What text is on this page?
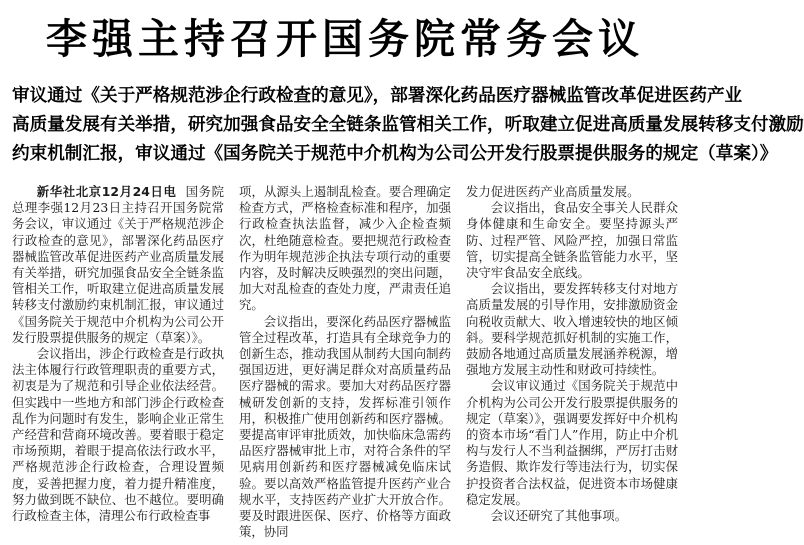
李强主持召开国务院常务会议
审议通过《关于严格规范涉企行政检查的意见》，部署深化药品医疗器械监管改革促进医药产业
高质量发展有关举措，研究加强食品安全全链条监管相关工作，听取建立促进高质量发展转移支付激励
约束机制汇报，审议通过《国务院关于规范中介机构为公司公开发行股票提供服务的规定（草案）》

新华社北京12月24日电 国务院总理李强12月23日主持召开国务院常务会议，审议通过《关于严格规范涉企行政检查的意见》，部署深化药品医疗器械监管改革促进医药产业高质量发展有关举措，研究加强食品安全全链条监管相关工作，听取建立促进高质量发展转移支付激励约束机制汇报，审议通过《国务院关于规范中介机构为公司公开发行股票提供服务的规定（草案）》。

会议指出，涉企行政检查是行政执法主体履行行政管理职责的重要方式，初衷是为了规范和引导企业依法经营。但实践中一些地方和部门涉企行政检查乱作为问题时有发生，影响企业正常生产经营和营商环境改善。要着眼于稳定市场预期，着眼于提高依法行政水平，严格规范涉企行政检查，合理设置频度，妥善把握力度，着力提升精准度，努力做到既不缺位、也不越位。要明确行政检查主体，清理公布行政检查事

项，从源头上遏制乱检查。要合理确定检查方式，严格检查标准和程序，加强行政检查执法监督，减少入企检查频次，杜绝随意检查。要把规范行政检查作为明年规范涉企执法专项行动的重要内容，及时解决反映强烈的突出问题，加大对乱检查的查处力度，严肃责任追究。

会议指出，要深化药品医疗器械监管全过程改革，打造具有全球竞争力的创新生态，推动我国从制药大国向制药强国迈进，更好满足群众对高质量药品医疗器械的需求。要加大对药品医疗器械研发创新的支持，发挥标准引领作用，积极推广使用创新药和医疗器械。要提高审评审批质效，加快临床急需药品医疗器械审批上市，对符合条件的罕见病用创新药和医疗器械减免临床试验。要以高效严格监管提升医药产业合规水平，支持医药产业扩大开放合作。要及时跟进医保、医疗、价格等方面政策，协同

发力促进医药产业高质量发展。

会议指出，食品安全事关人民群众身体健康和生命安全。要坚持源头严防、过程严管、风险严控，加强日常监管，切实提高全链条监管能力水平，坚决守牢食品安全底线。

会议指出，要发挥转移支付对地方高质量发展的引导作用，安排激励资金向税收贡献大、收入增速较快的地区倾斜。要科学规范抓好机制的实施工作，鼓励各地通过高质量发展涵养税源，增强地方发展主动性和财政可持续性。

会议审议通过《国务院关于规范中介机构为公司公开发行股票提供服务的规定（草案）》，强调要发挥好中介机构的资本市场“看门人”作用，防止中介机构与发行人不当利益捆绑，严厉打击财务造假、欺诈发行等违法行为，切实保护投资者合法权益，促进资本市场健康稳定发展。

会议还研究了其他事项。
